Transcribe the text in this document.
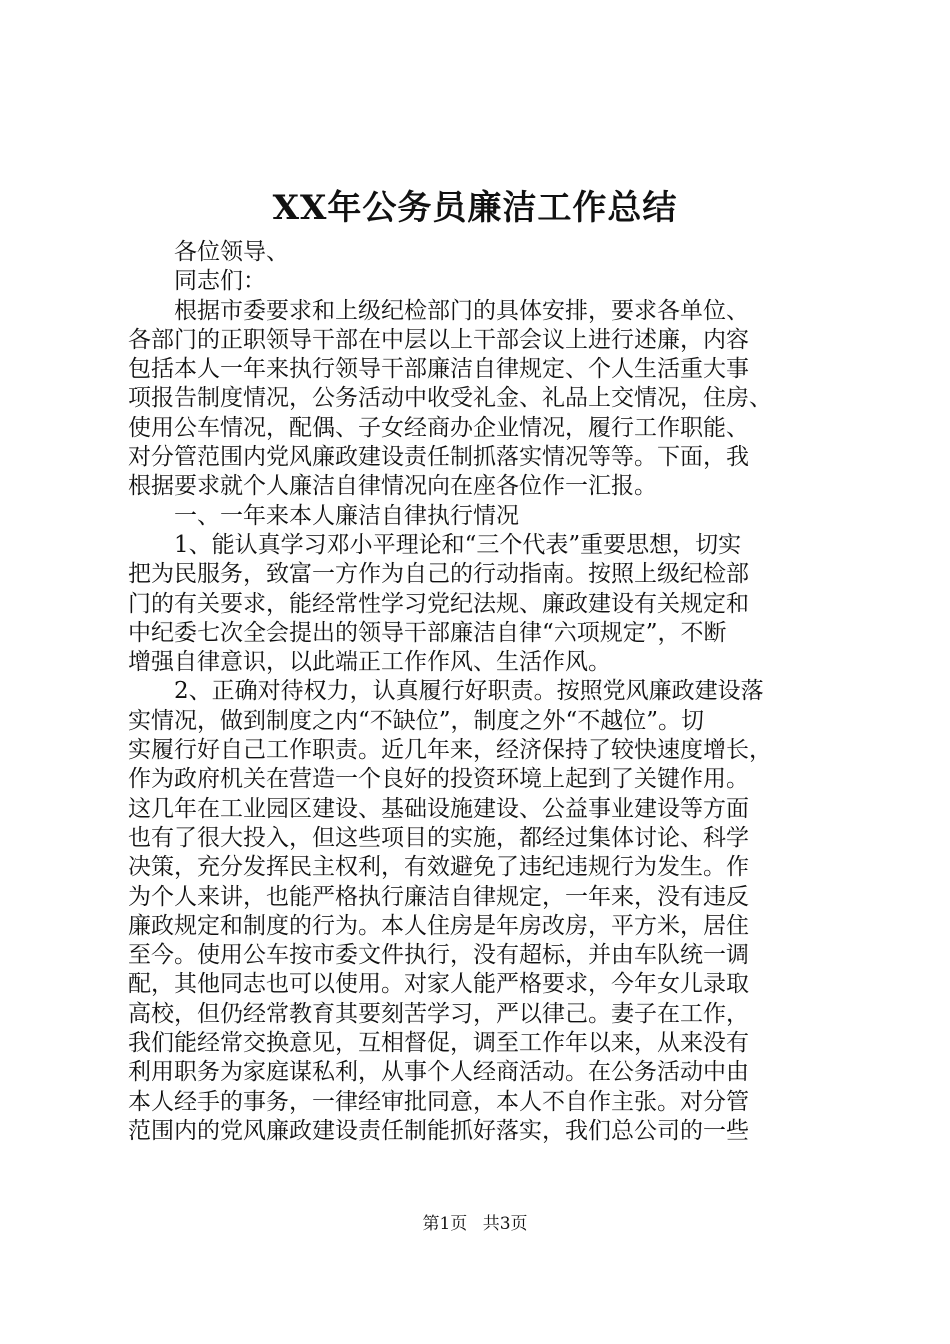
XX年公务员廉洁工作总结
各位领导、
同志们：
根据市委要求和上级纪检部门的具体安排，要求各单位、
各部门的正职领导干部在中层以上干部会议上进行述廉，内容
包括本人一年来执行领导干部廉洁自律规定、个人生活重大事
项报告制度情况，公务活动中收受礼金、礼品上交情况，住房、
使用公车情况，配偶、子女经商办企业情况，履行工作职能、
对分管范围内党风廉政建设责任制抓落实情况等等。下面，我
根据要求就个人廉洁自律情况向在座各位作一汇报。
一、一年来本人廉洁自律执行情况
1、能认真学习邓小平理论和“三个代表”重要思想，切实
把为民服务，致富一方作为自己的行动指南。按照上级纪检部
门的有关要求，能经常性学习党纪法规、廉政建设有关规定和
中纪委七次全会提出的领导干部廉洁自律“六项规定”，不断
增强自律意识，以此端正工作作风、生活作风。
2、正确对待权力，认真履行好职责。按照党风廉政建设落
实情况，做到制度之内“不缺位”，制度之外“不越位”。切
实履行好自己工作职责。近几年来，经济保持了较快速度增长，
作为政府机关在营造一个良好的投资环境上起到了关键作用。
这几年在工业园区建设、基础设施建设、公益事业建设等方面
也有了很大投入，但这些项目的实施，都经过集体讨论、科学
决策，充分发挥民主权利，有效避免了违纪违规行为发生。作
为个人来讲，也能严格执行廉洁自律规定，一年来，没有违反
廉政规定和制度的行为。本人住房是年房改房，平方米，居住
至今。使用公车按市委文件执行，没有超标，并由车队统一调
配，其他同志也可以使用。对家人能严格要求，今年女儿录取
高校，但仍经常教育其要刻苦学习，严以律己。妻子在工作，
我们能经常交换意见，互相督促，调至工作年以来，从来没有
利用职务为家庭谋私利，从事个人经商活动。在公务活动中由
本人经手的事务，一律经审批同意，本人不自作主张。对分管
范围内的党风廉政建设责任制能抓好落实，我们总公司的一些
第1页 共3页
